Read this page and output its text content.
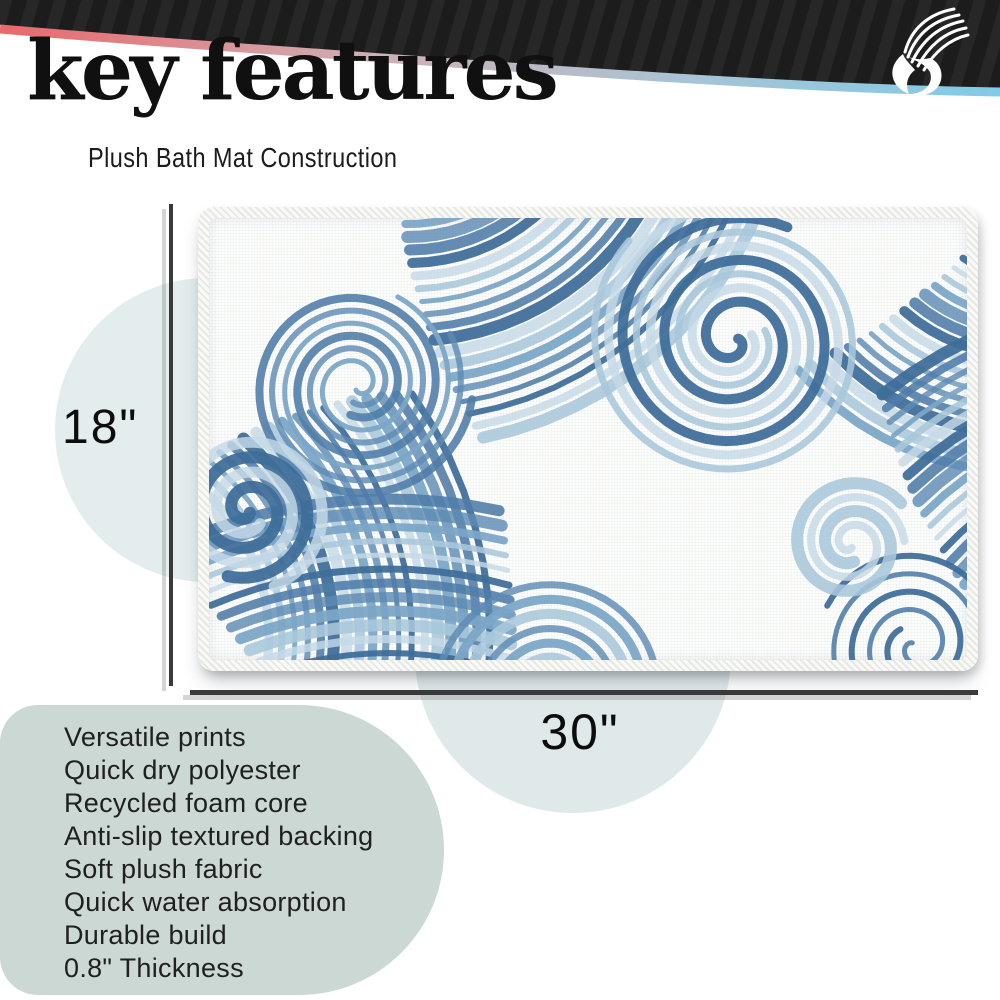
key features
Plush Bath Mat Construction
18"
30"
Versatile prints
Quick dry polyester
Recycled foam core
Anti-slip textured backing
Soft plush fabric
Quick water absorption
Durable build
0.8" Thickness
